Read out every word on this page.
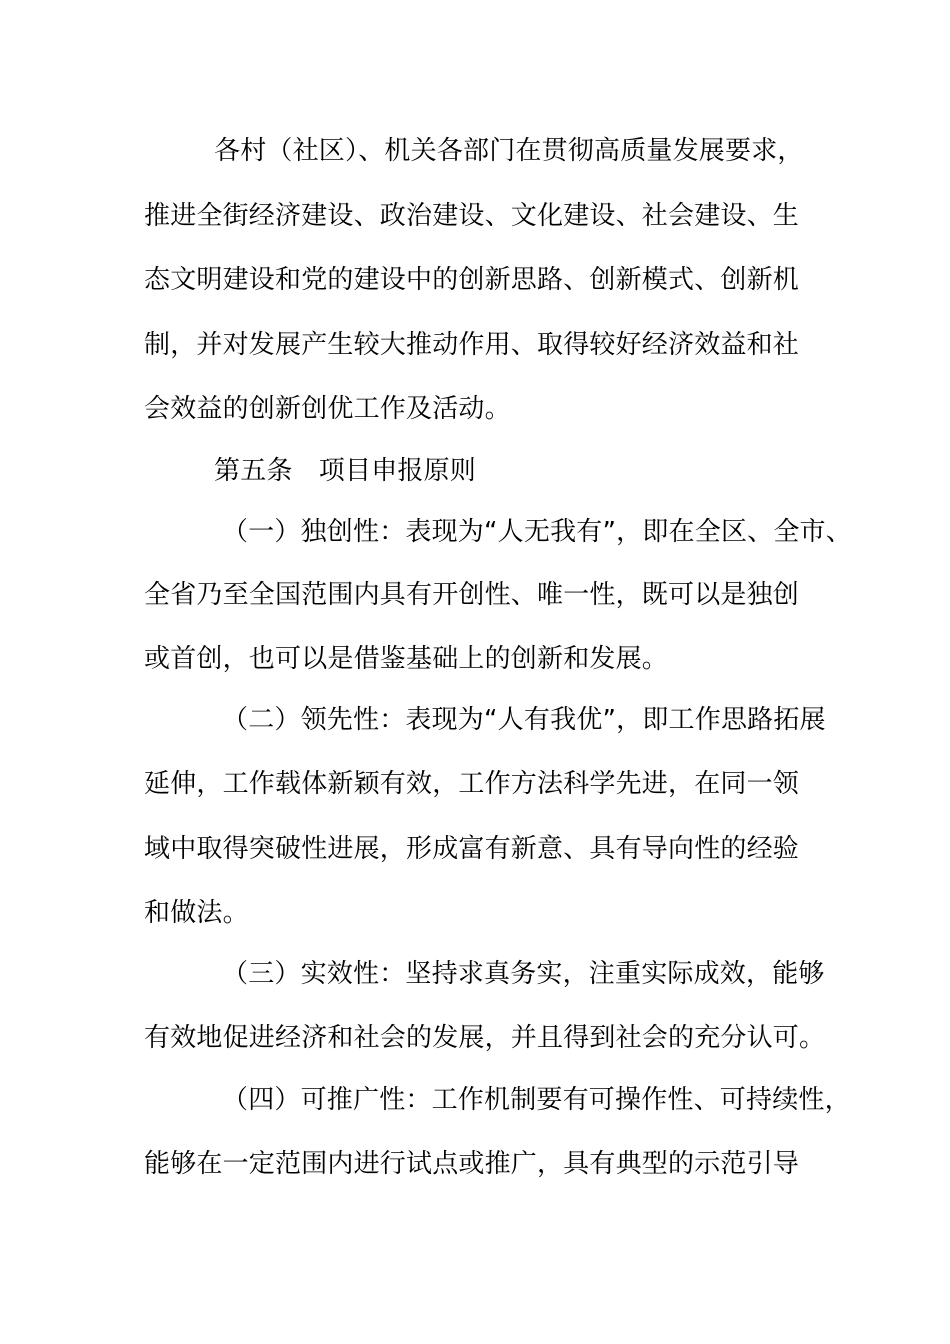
各村（社区）、机关各部门在贯彻高质量发展要求，
推进全街经济建设、政治建设、文化建设、社会建设、生
态文明建设和党的建设中的创新思路、创新模式、创新机
制，并对发展产生较大推动作用、取得较好经济效益和社
会效益的创新创优工作及活动。
第五条　项目申报原则
（一）独创性：表现为“人无我有”，即在全区、全市、
全省乃至全国范围内具有开创性、唯一性，既可以是独创
或首创，也可以是借鉴基础上的创新和发展。
（二）领先性：表现为“人有我优”，即工作思路拓展
延伸，工作载体新颖有效，工作方法科学先进，在同一领
域中取得突破性进展，形成富有新意、具有导向性的经验
和做法。
（三）实效性：坚持求真务实，注重实际成效，能够
有效地促进经济和社会的发展，并且得到社会的充分认可。
（四）可推广性：工作机制要有可操作性、可持续性，
能够在一定范围内进行试点或推广，具有典型的示范引导
